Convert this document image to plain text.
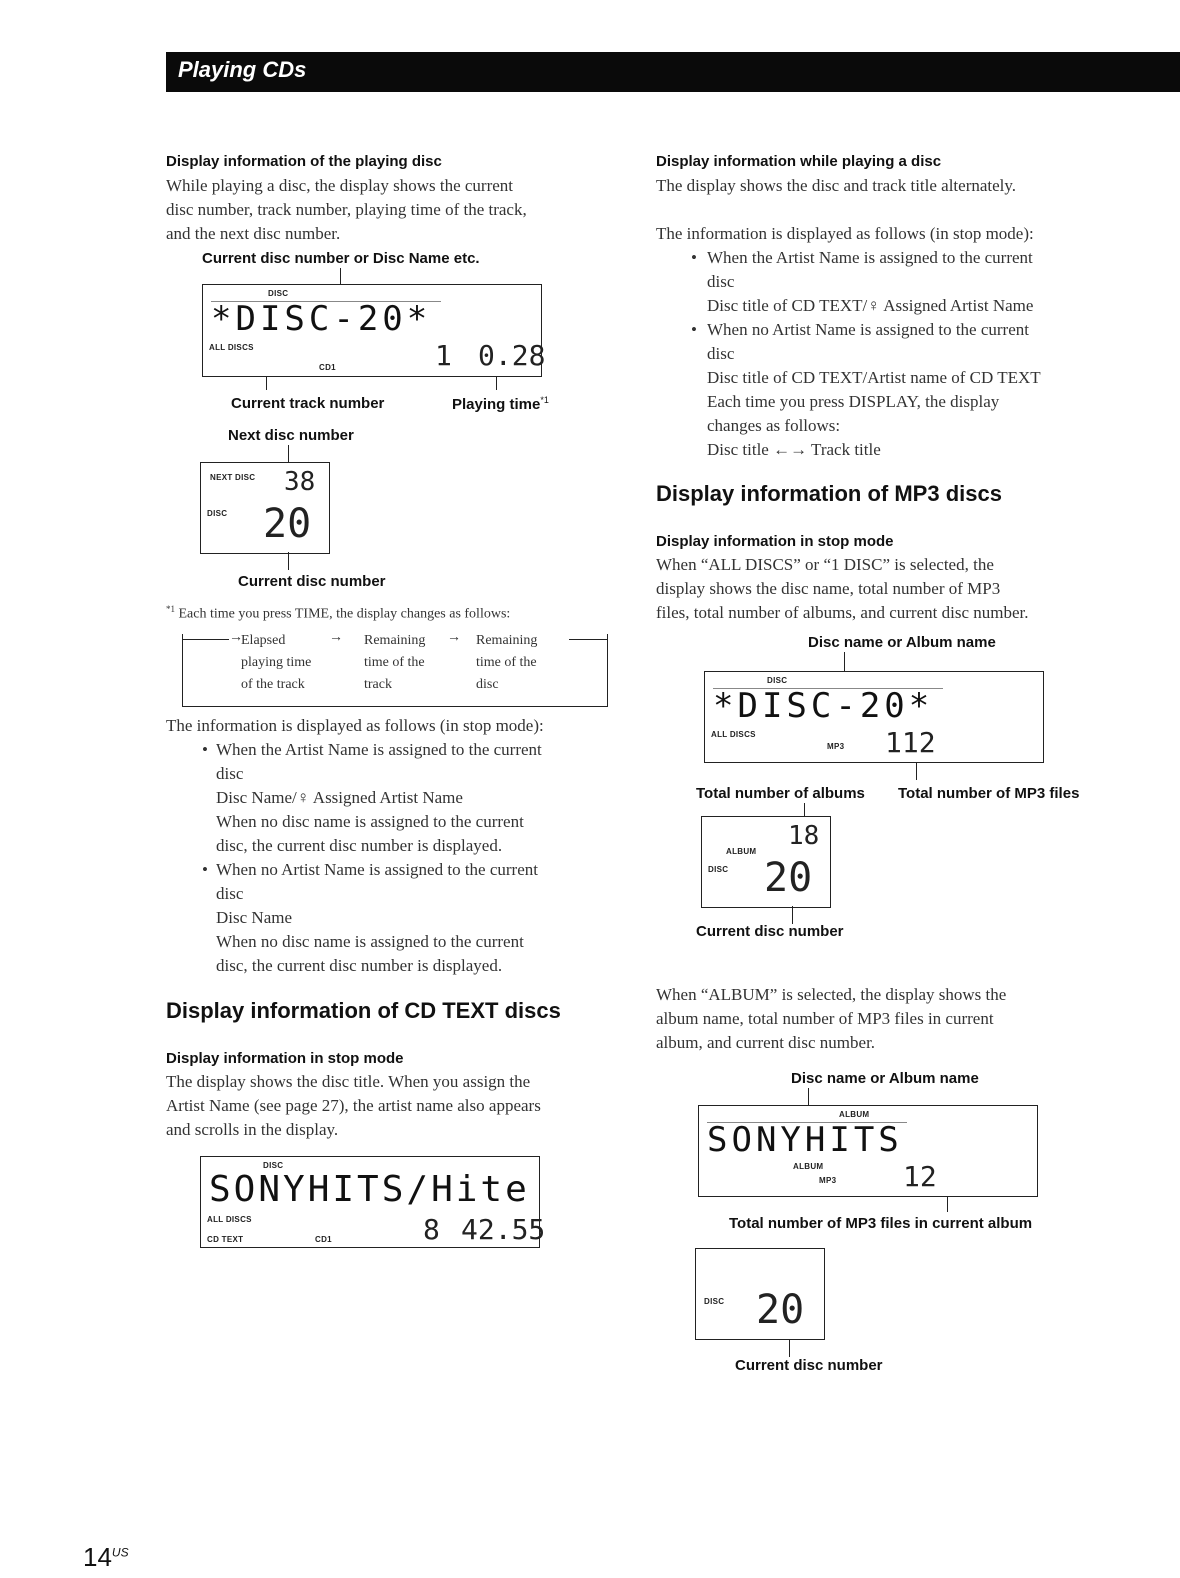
Playing CDs
Display information of the playing disc
While playing a disc, the display shows the current
disc number, track number, playing time of the track,
and the next disc number.
Current disc number or Disc Name etc.
DISC
*DISC-20*
ALL DISCS
CD1	1 0.28
Current track number	Playing time$^{*1}$
Next disc number
NEXT DISC
DISC
38
20
Current disc number
$^{*1}$ Each time you press TIME, the display changes as follows:
→
Elapsed
playing time
of the track
→ Remaining
time of the
track
→ Remaining
time of the
disc
The information is displayed as follows (in stop mode):
• When the Artist Name is assigned to the current
disc
Disc Name/♀ Assigned Artist Name
When no disc name is assigned to the current
disc, the current disc number is displayed.
• When no Artist Name is assigned to the current
disc
Disc Name
When no disc name is assigned to the current
disc, the current disc number is displayed.
Display information of CD TEXT discs
Display information in stop mode
The display shows the disc title. When you assign the
Artist Name (see page 27), the artist name also appears
and scrolls in the display.
DISC
SONYHITS/Hite
ALL DISCS
CD TEXT	CD1	8 42.55
Display information while playing a disc
The display shows the disc and track title alternately.
The information is displayed as follows (in stop mode):
• When the Artist Name is assigned to the current
disc
Disc title of CD TEXT/♀ Assigned Artist Name
• When no Artist Name is assigned to the current
disc
Disc title of CD TEXT/Artist name of CD TEXT
Each time you press DISPLAY, the display
changes as follows:
Disc title ←→ Track title
Display information of MP3 discs
Display information in stop mode
When “ALL DISCS” or “1 DISC” is selected, the
display shows the disc name, total number of MP3
files, total number of albums, and current disc number.
Disc name or Album name
DISC
*DISC-20*
ALL DISCS
MP3 112
Total number of albums Total number of MP3 files
ALBUM
DISC
18
20
Current disc number
When “ALBUM” is selected, the display shows the
album name, total number of MP3 files in current
album, and current disc number.
Disc name or Album name
ALBUM
SONYHITS
ALBUM
MP3 12
Total number of MP3 files in current album
DISC 20
Current disc number
$14^{US}$
